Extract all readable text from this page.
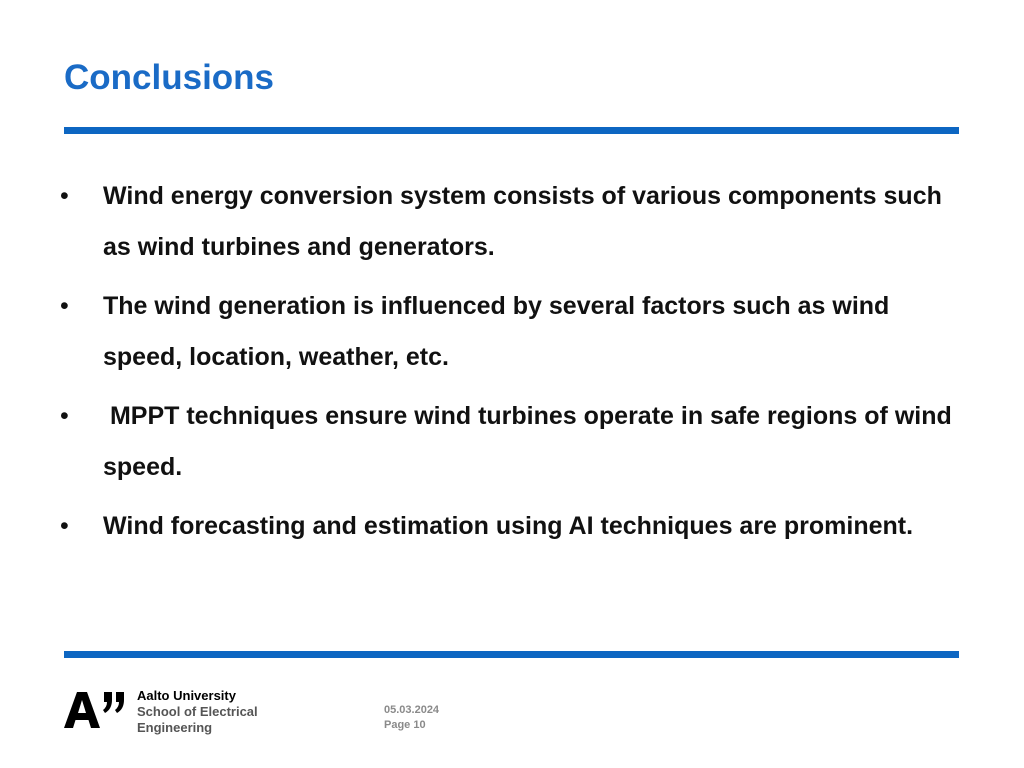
Conclusions
•	Wind energy conversion system consists of various components such as wind turbines and generators.
•	The wind generation is influenced by several factors such as wind speed, location, weather, etc.
•	MPPT techniques ensure wind turbines operate in safe regions of wind speed.
•	Wind forecasting and estimation using AI techniques are prominent.
Aalto University
School of Electrical
Engineering
05.03.2024
Page 10
